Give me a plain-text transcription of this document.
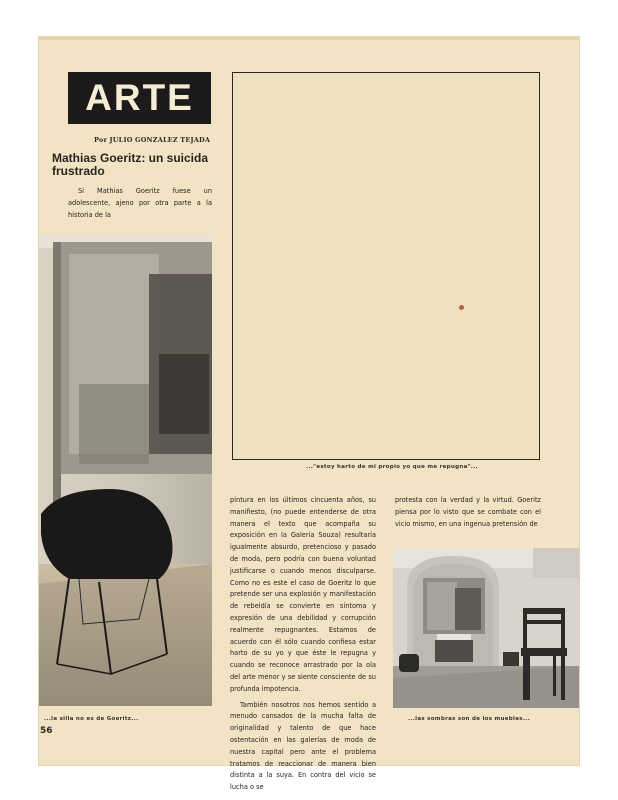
ARTE
Por JULIO GONZALEZ TEJADA
Mathias Goeritz: un suicida
frustrado
Si Mathias Goeritz fuese un adolescente, ajeno por otra parte a la historia de la
..."estoy harto de mi propio yo que me repugna"...
pintura en los últimos cincuenta años, su manifiesto, (no puede entenderse de otra manera el texto que acompaña su exposición en la Galería Souza) resultaría igualmente absurdo, pretencioso y pasado de moda, pero podría con buena voluntad justificarse o cuando menos disculparse. Como no es este el caso de Goeritz lo que pretende ser una explosión y manifestación de rebeldía se convierte en síntoma y expresión de una debilidad y corrupción realmente repugnantes. Estamos de acuerdo con él sólo cuando confiesa estar harto de su yo y que éste le repugna y cuando se reconoce arrastrado por la ola del arte menor y se siente consciente de su profunda impotencia.
También nosotros nos hemos sentido a menudo cansados de la mucha falta de originalidad y talento de que hace ostentación en las galerías de moda de nuestra capital pero ante el problema tratamos de reaccionar de manera bien distinta a la suya. En contra del vicio se lucha o se
protesta con la verdad y la virtud. Goeritz piensa por lo visto que se combate con el vicio mismo, en una ingenua pretensión de
...la silla no es de Goeritz...	...las sombras son de los muebles...
56
